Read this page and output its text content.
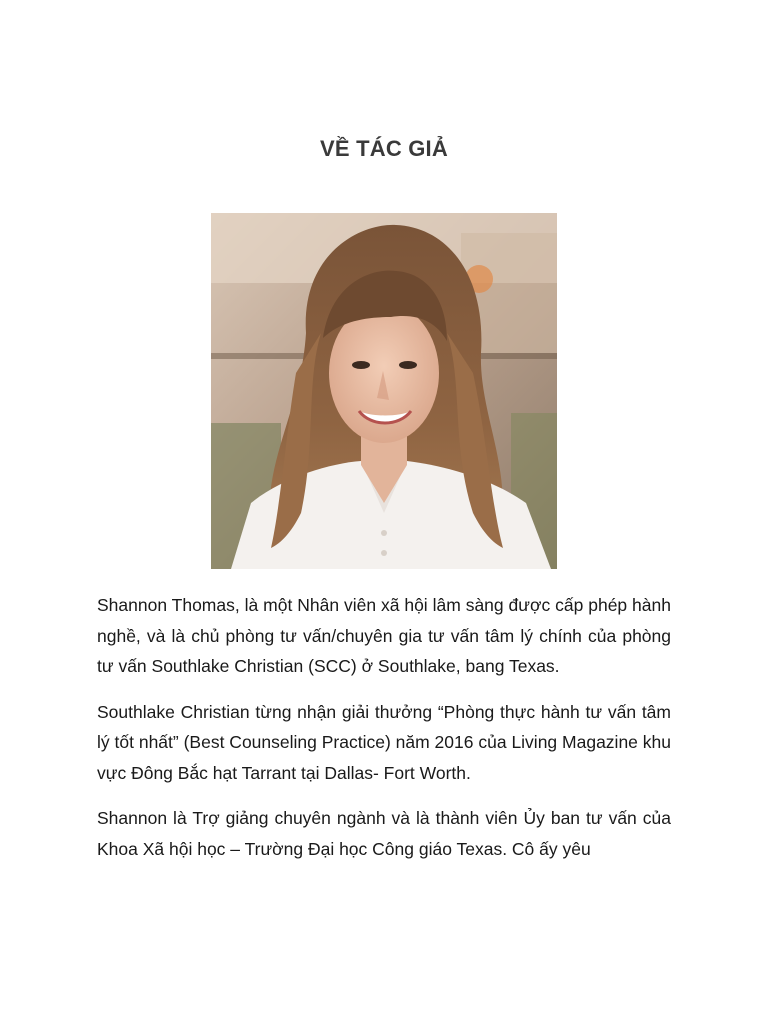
VỀ TÁC GIẢ

Shannon Thomas, là một Nhân viên xã hội lâm sàng được cấp phép hành nghề, và là chủ phòng tư vấn/chuyên gia tư vấn tâm lý chính của phòng tư vấn Southlake Christian (SCC) ở Southlake, bang Texas.

Southlake Christian từng nhận giải thưởng “Phòng thực hành tư vấn tâm lý tốt nhất” (Best Counseling Practice) năm 2016 của Living Magazine khu vực Đông Bắc hạt Tarrant tại Dallas- Fort Worth.

Shannon là Trợ giảng chuyên ngành và là thành viên Ủy ban tư vấn của Khoa Xã hội học – Trường Đại học Công giáo Texas. Cô ấy yêu
